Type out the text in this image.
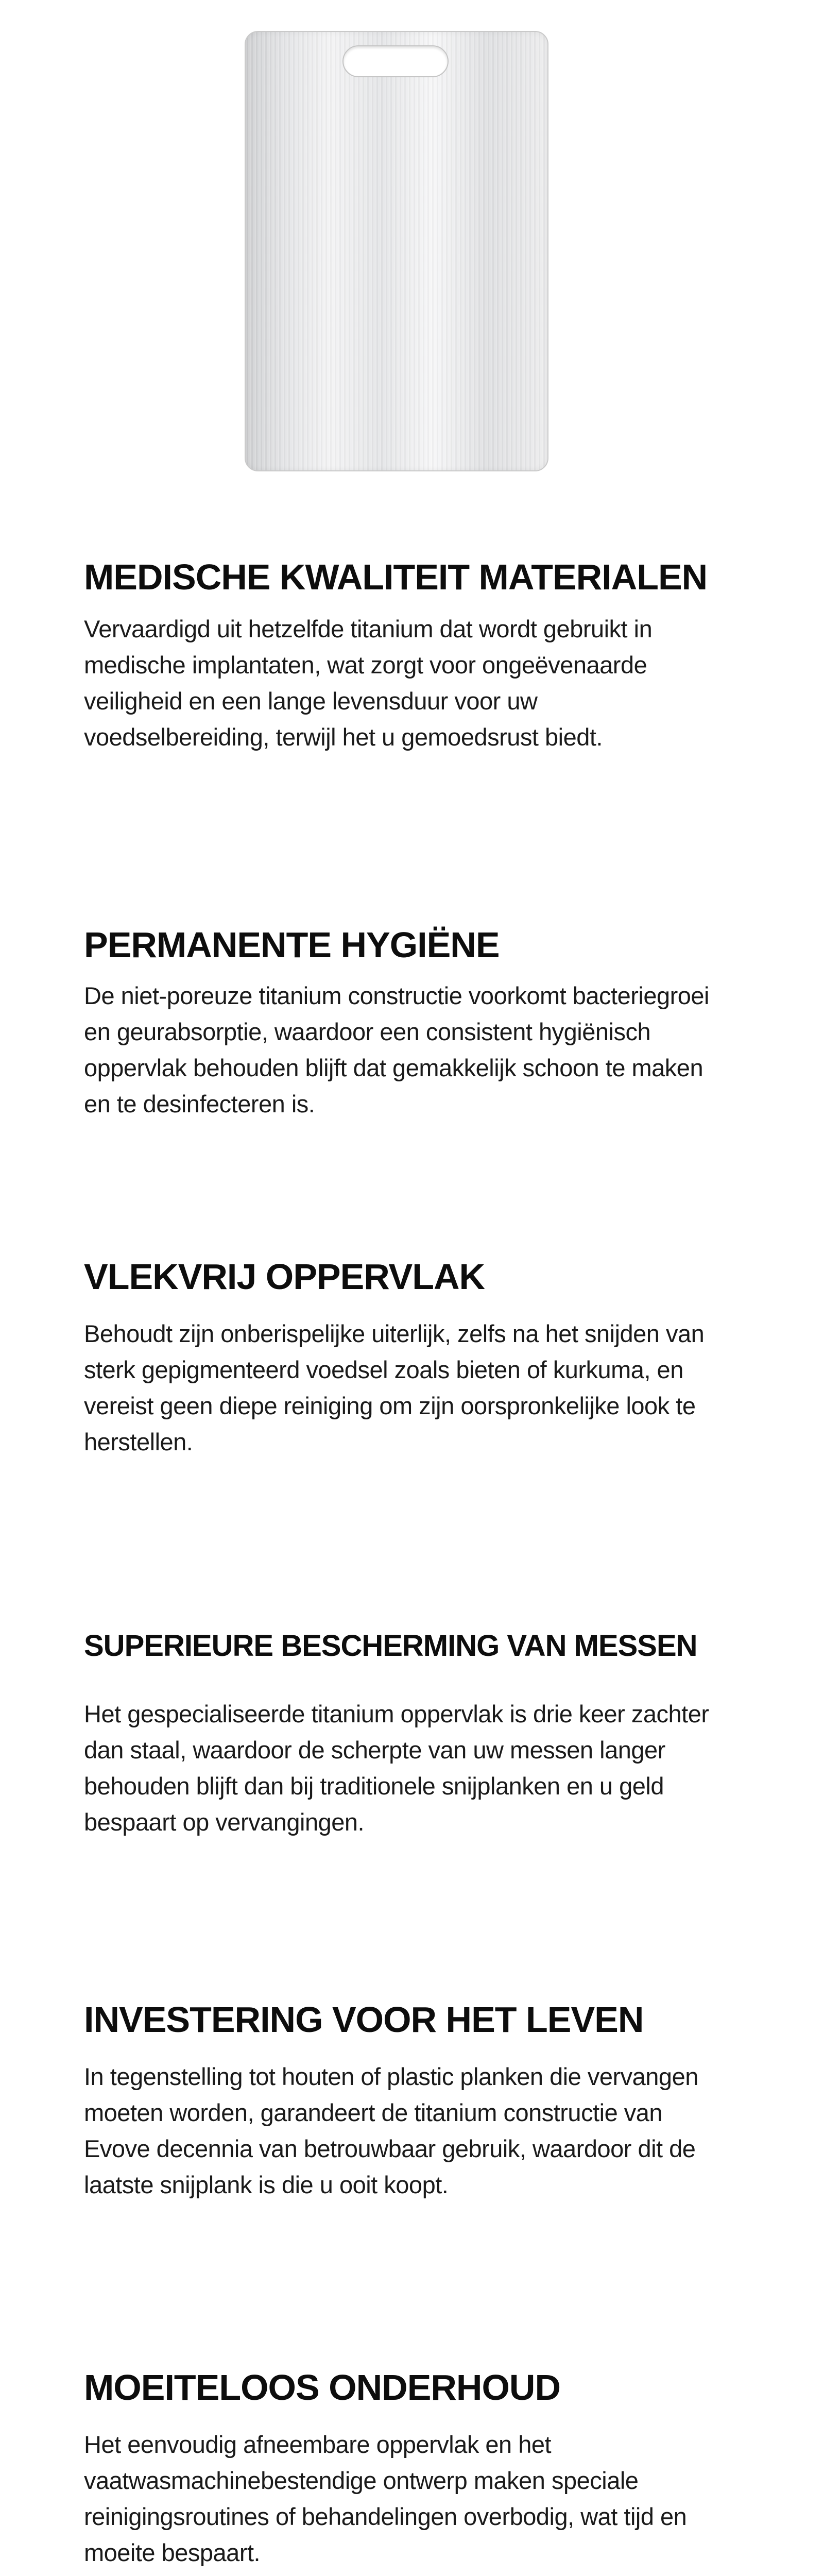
MEDISCHE KWALITEIT MATERIALEN

Vervaardigd uit hetzelfde titanium dat wordt gebruikt in medische implantaten, wat zorgt voor ongeëvenaarde veiligheid en een lange levensduur voor uw voedselbereiding, terwijl het u gemoedsrust biedt.

PERMANENTE HYGIËNE

De niet-poreuze titanium constructie voorkomt bacteriegroei en geurabsorptie, waardoor een consistent hygiënisch oppervlak behouden blijft dat gemakkelijk schoon te maken en te desinfecteren is.

VLEKVRIJ OPPERVLAK

Behoudt zijn onberispelijke uiterlijk, zelfs na het snijden van sterk gepigmenteerd voedsel zoals bieten of kurkuma, en vereist geen diepe reiniging om zijn oorspronkelijke look te herstellen.

SUPERIEURE BESCHERMING VAN MESSEN

Het gespecialiseerde titanium oppervlak is drie keer zachter dan staal, waardoor de scherpte van uw messen langer behouden blijft dan bij traditionele snijplanken en u geld bespaart op vervangingen.

INVESTERING VOOR HET LEVEN

In tegenstelling tot houten of plastic planken die vervangen moeten worden, garandeert de titanium constructie van Evove decennia van betrouwbaar gebruik, waardoor dit de laatste snijplank is die u ooit koopt.

MOEITELOOS ONDERHOUD

Het eenvoudig afneembare oppervlak en het vaatwasmachinebestendige ontwerp maken speciale reinigingsroutines of behandelingen overbodig, wat tijd en moeite bespaart.
